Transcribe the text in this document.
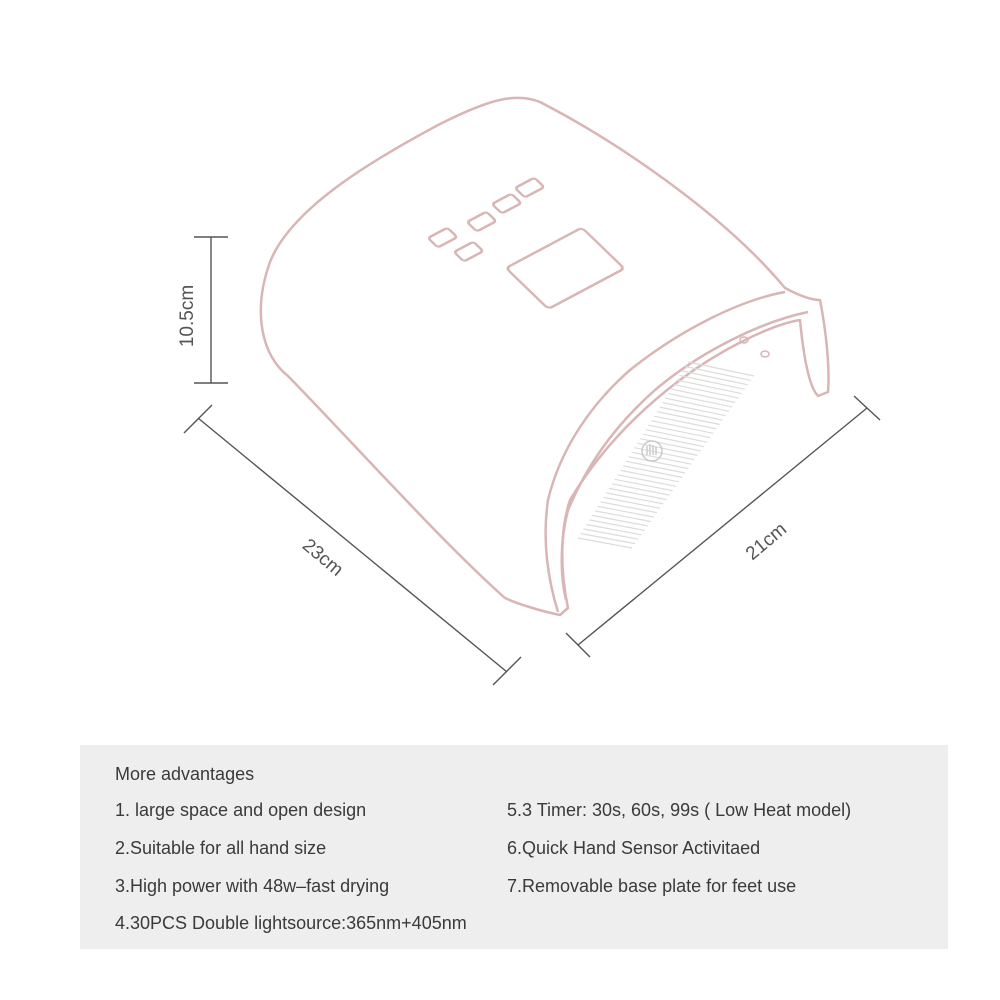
10.5cm
23cm	21cm

More advantages

1. large space and open design

2.Suitable for all hand size

3.High power with 48w–fast drying

4.30PCS Double lightsource:365nm+405nm

5.3 Timer: 30s, 60s, 99s ( Low Heat model)

6.Quick Hand Sensor Activitaed

7.Removable base plate for feet use
